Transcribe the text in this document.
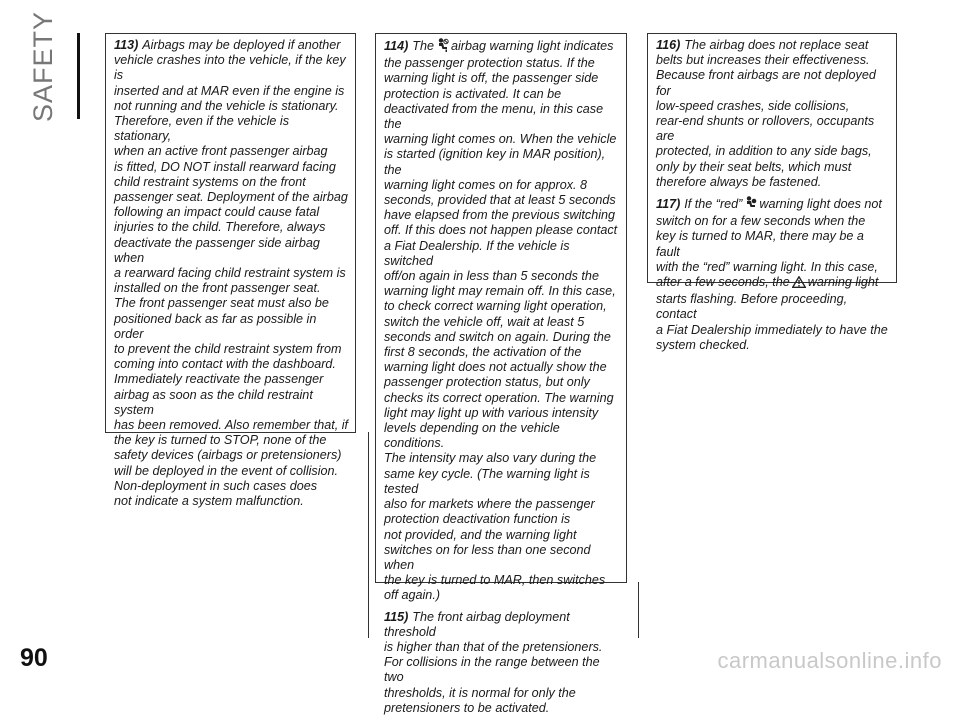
SAFETY	113) Airbags may be deployed if another
vehicle crashes into the vehicle, if the key is
inserted and at MAR even if the engine is
not running and the vehicle is stationary.
Therefore, even if the vehicle is stationary,
when an active front passenger airbag
is fitted, DO NOT install rearward facing
child restraint systems on the front
passenger seat. Deployment of the airbag
following an impact could cause fatal
injuries to the child. Therefore, always
deactivate the passenger side airbag when
a rearward facing child restraint system is
installed on the front passenger seat.
The front passenger seat must also be
positioned back as far as possible in order
to prevent the child restraint system from
coming into contact with the dashboard.
Immediately reactivate the passenger
airbag as soon as the child restraint system
has been removed. Also remember that, if
the key is turned to STOP, none of the
safety devices (airbags or pretensioners)
will be deployed in the event of collision.
Non-deployment in such cases does
not indicate a system malfunction.

114) The airbag warning light indicates
the passenger protection status. If the
warning light is off, the passenger side
protection is activated. It can be
deactivated from the menu, in this case the
warning light comes on. When the vehicle
is started (ignition key in MAR position), the
warning light comes on for approx. 8
seconds, provided that at least 5 seconds
have elapsed from the previous switching
off. If this does not happen please contact
a Fiat Dealership. If the vehicle is switched
off/on again in less than 5 seconds the
warning light may remain off. In this case,
to check correct warning light operation,
switch the vehicle off, wait at least 5
seconds and switch on again. During the
first 8 seconds, the activation of the
warning light does not actually show the
passenger protection status, but only
checks its correct operation. The warning
light may light up with various intensity
levels depending on the vehicle conditions.
The intensity may also vary during the
same key cycle. (The warning light is tested
also for markets where the passenger
protection deactivation function is
not provided, and the warning light
switches on for less than one second when
the key is turned to MAR, then switches
off again.)

115) The front airbag deployment threshold
is higher than that of the pretensioners.
For collisions in the range between the two
thresholds, it is normal for only the
pretensioners to be activated.

116) The airbag does not replace seat
belts but increases their effectiveness.
Because front airbags are not deployed for
low-speed crashes, side collisions,
rear-end shunts or rollovers, occupants are
protected, in addition to any side bags,
only by their seat belts, which must
therefore always be fastened.

117) If the “red” warning light does not
switch on for a few seconds when the
key is turned to MAR, there may be a fault
with the “red” warning light. In this case,
after a few seconds, the warning light
starts flashing. Before proceeding, contact
a Fiat Dealership immediately to have the
system checked.

90	carmanualsonline.info
